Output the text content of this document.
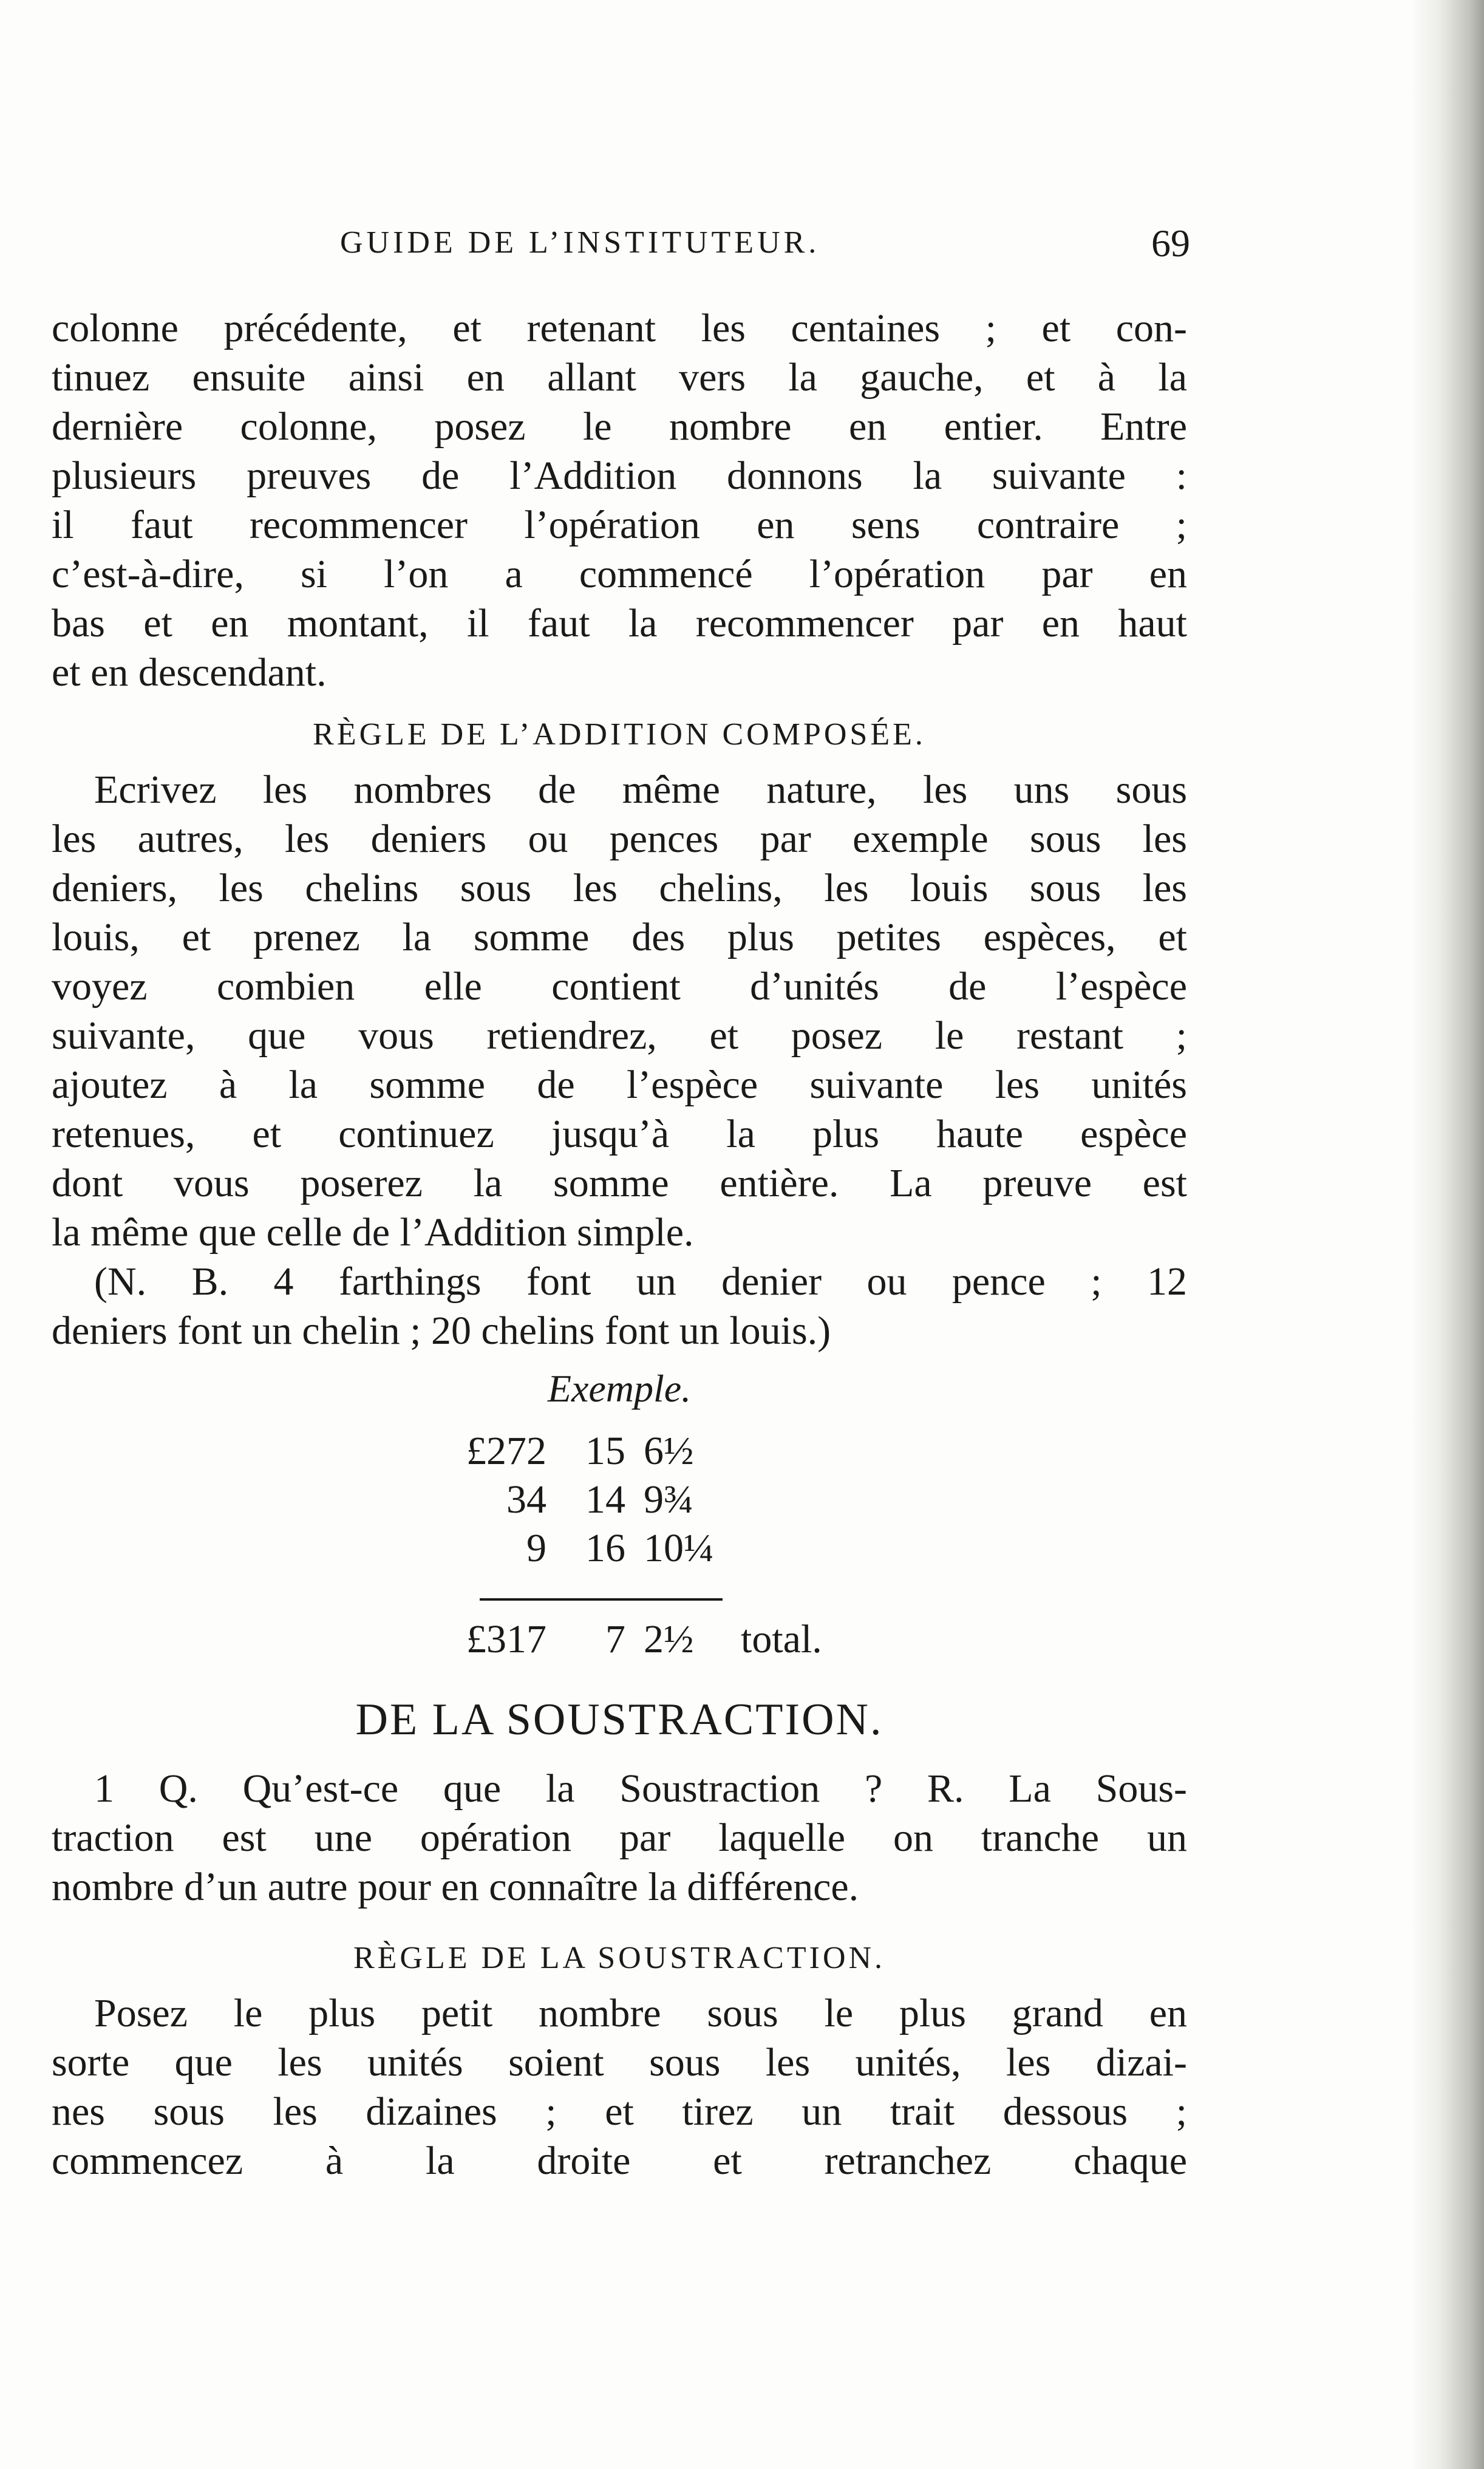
GUIDE DE L’INSTITUTEUR.	69
colonne précédente, et retenant les centaines ; et con-
tinuez ensuite ainsi en allant vers la gauche, et à la
dernière colonne, posez le nombre en entier. Entre
plusieurs preuves de l’Addition donnons la suivante :
il faut recommencer l’opération en sens contraire ;
c’est-à-dire, si l’on a commencé l’opération par en
bas et en montant, il faut la recommencer par en haut
et en descendant.
RÈGLE DE L’ADDITION COMPOSÉE.
Ecrivez les nombres de même nature, les uns sous
les autres, les deniers ou pences par exemple sous les
deniers, les chelins sous les chelins, les louis sous les
louis, et prenez la somme des plus petites espèces, et
voyez combien elle contient d’unités de l’espèce
suivante, que vous retiendrez, et posez le restant ;
ajoutez à la somme de l’espèce suivante les unités
retenues, et continuez jusqu’à la plus haute espèce
dont vous poserez la somme entière. La preuve est
la même que celle de l’Addition simple.
(N. B. 4 farthings font un denier ou pence ; 12
deniers font un chelin ; 20 chelins font un louis.)
Exemple.
£272 15 6½
34 14 9¾
9 16 10¼
£317	7 2½	total.
DE LA SOUSTRACTION.
1 Q. Qu’est-ce que la Soustraction ? R. La Sous-
traction est une opération par laquelle on tranche un
nombre d’un autre pour en connaître la différence.
RÈGLE DE LA SOUSTRACTION.
Posez le plus petit nombre sous le plus grand en
sorte que les unités soient sous les unités, les dizai-
nes sous les dizaines ; et tirez un trait dessous ;
commencez à la droite et retranchez chaque
